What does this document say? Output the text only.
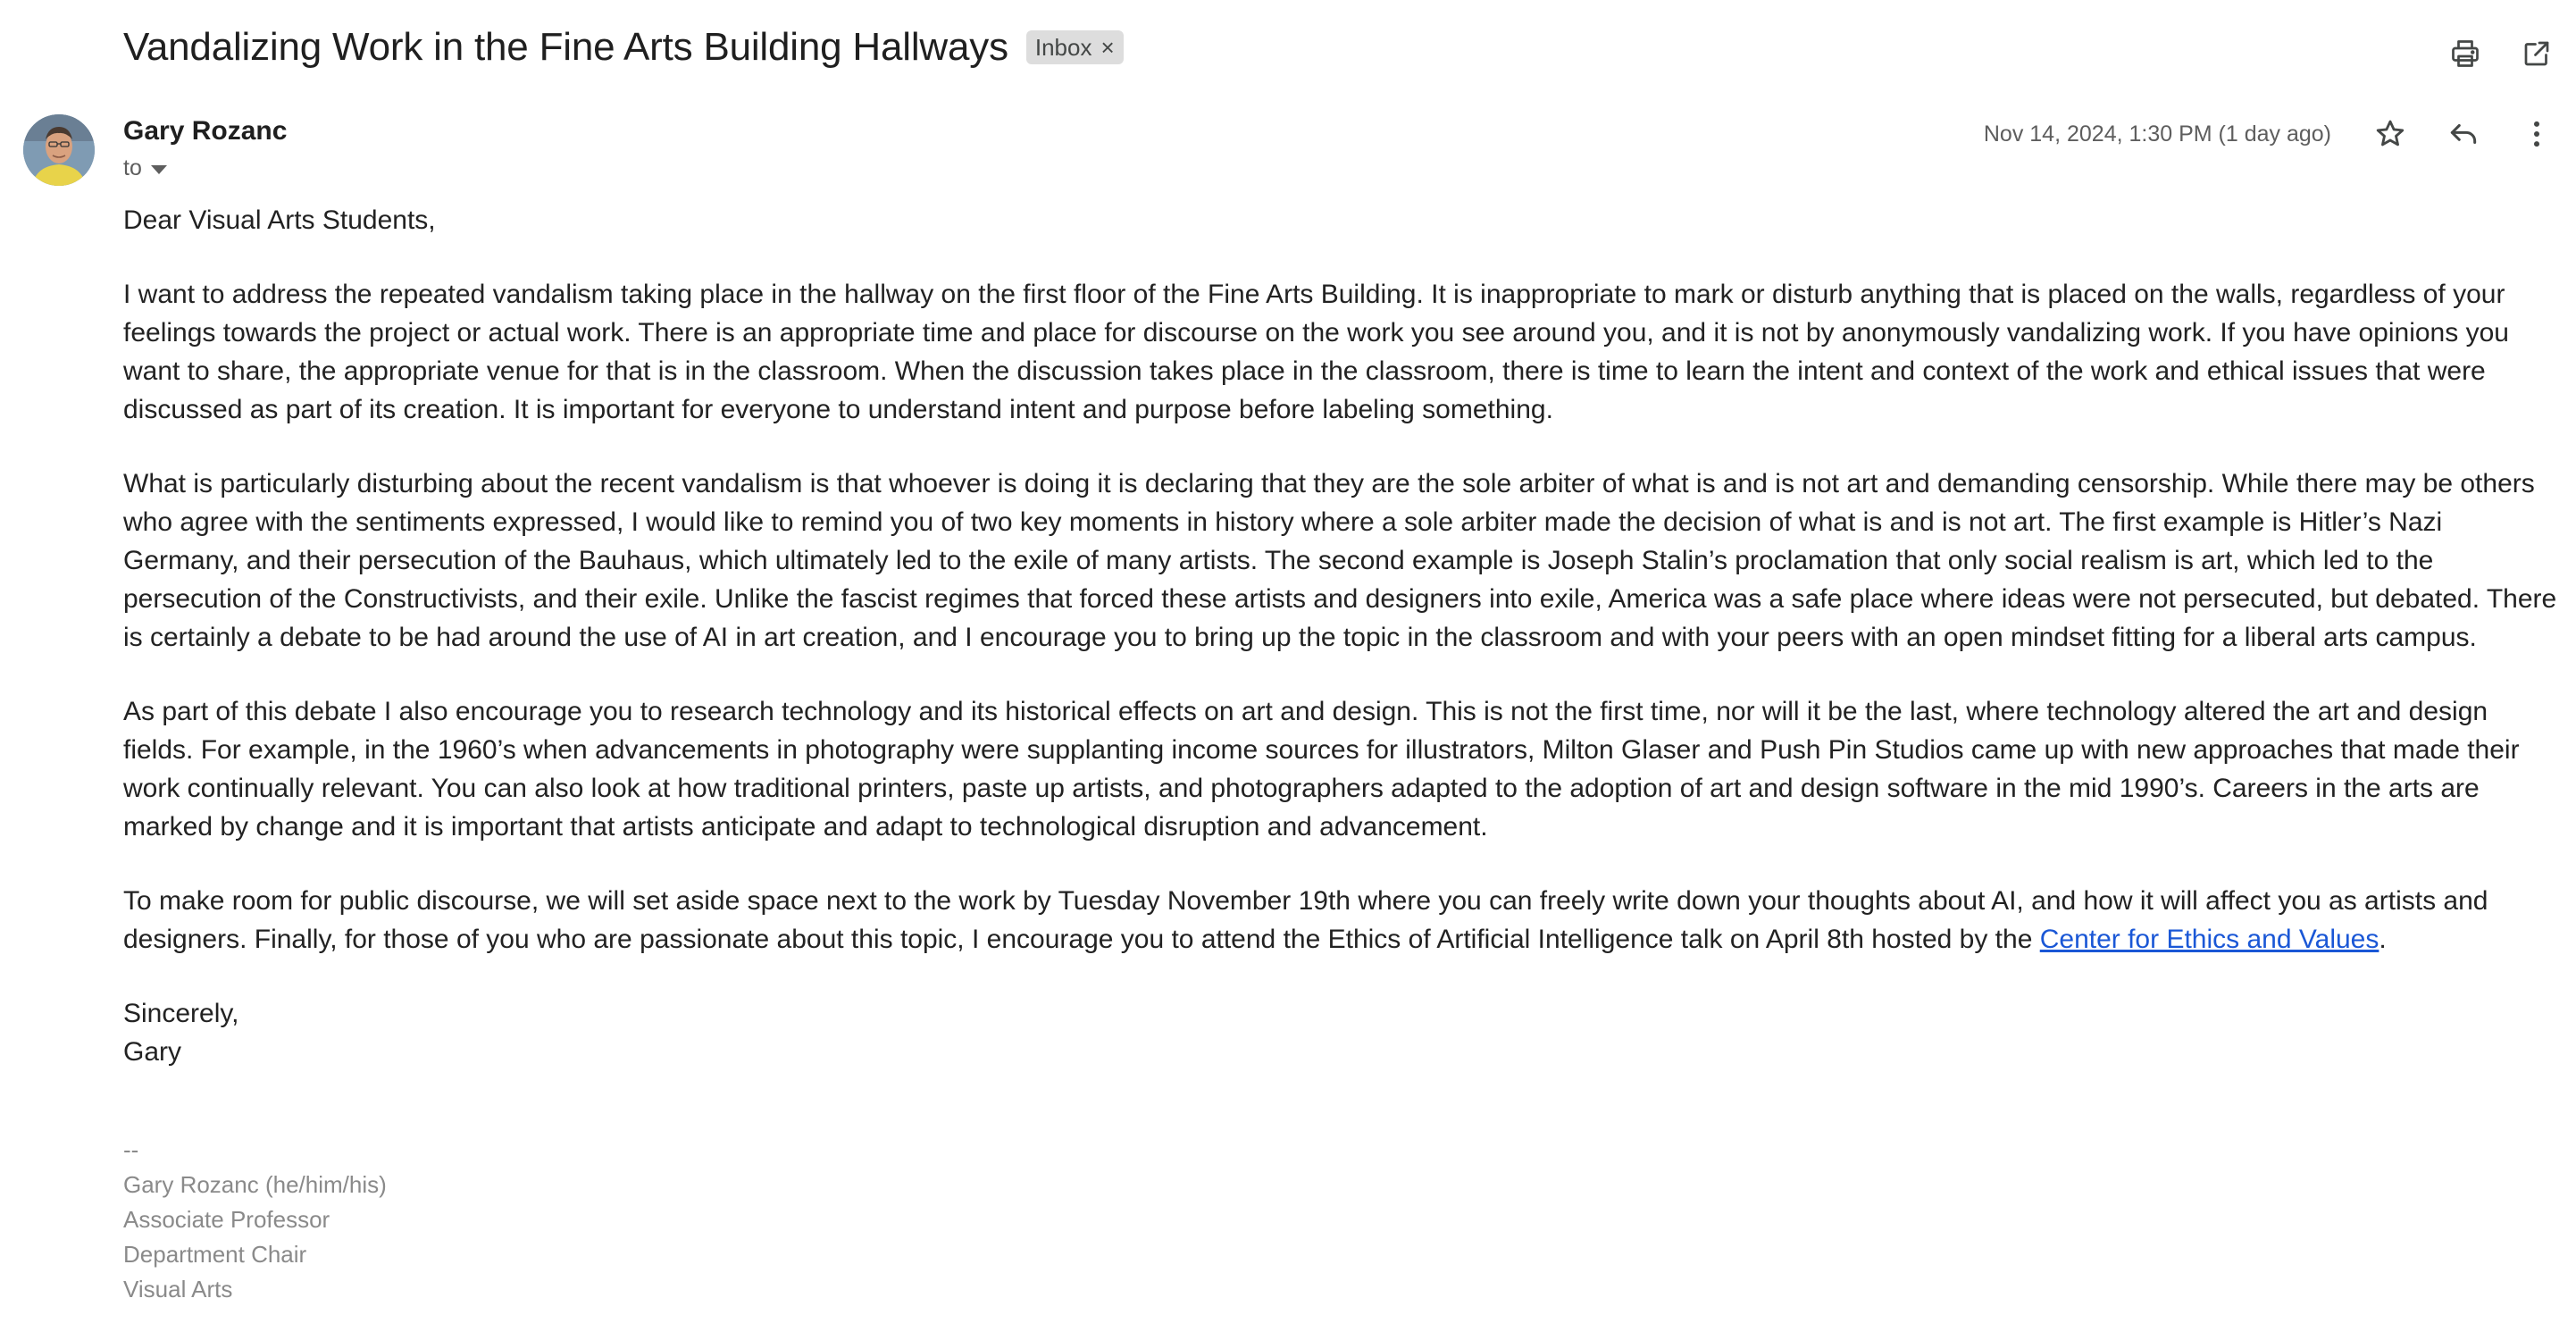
Vandalizing Work in the Fine Arts Building Hallways Inbox ×
Gary Rozanc
to
Nov 14, 2024, 1:30 PM (1 day ago)

Dear Visual Arts Students,

I want to address the repeated vandalism taking place in the hallway on the first floor of the Fine Arts Building. It is inappropriate to mark or disturb anything that is placed on the walls, regardless of your feelings towards the project or actual work. There is an appropriate time and place for discourse on the work you see around you, and it is not by anonymously vandalizing work. If you have opinions you want to share, the appropriate venue for that is in the classroom. When the discussion takes place in the classroom, there is time to learn the intent and context of the work and ethical issues that were discussed as part of its creation. It is important for everyone to understand intent and purpose before labeling something.

What is particularly disturbing about the recent vandalism is that whoever is doing it is declaring that they are the sole arbiter of what is and is not art and demanding censorship. While there may be others who agree with the sentiments expressed, I would like to remind you of two key moments in history where a sole arbiter made the decision of what is and is not art. The first example is Hitler’s Nazi Germany, and their persecution of the Bauhaus, which ultimately led to the exile of many artists. The second example is Joseph Stalin’s proclamation that only social realism is art, which led to the persecution of the Constructivists, and their exile. Unlike the fascist regimes that forced these artists and designers into exile, America was a safe place where ideas were not persecuted, but debated. There is certainly a debate to be had around the use of AI in art creation, and I encourage you to bring up the topic in the classroom and with your peers with an open mindset fitting for a liberal arts campus.

As part of this debate I also encourage you to research technology and its historical effects on art and design. This is not the first time, nor will it be the last, where technology altered the art and design fields. For example, in the 1960’s when advancements in photography were supplanting income sources for illustrators, Milton Glaser and Push Pin Studios came up with new approaches that made their work continually relevant. You can also look at how traditional printers, paste up artists, and photographers adapted to the adoption of art and design software in the mid 1990’s. Careers in the arts are marked by change and it is important that artists anticipate and adapt to technological disruption and advancement.

To make room for public discourse, we will set aside space next to the work by Tuesday November 19th where you can freely write down your thoughts about AI, and how it will affect you as artists and designers. Finally, for those of you who are passionate about this topic, I encourage you to attend the Ethics of Artificial Intelligence talk on April 8th hosted by the Center for Ethics and Values.

Sincerely,
Gary
--
Gary Rozanc (he/him/his)
Associate Professor
Department Chair
Visual Arts
